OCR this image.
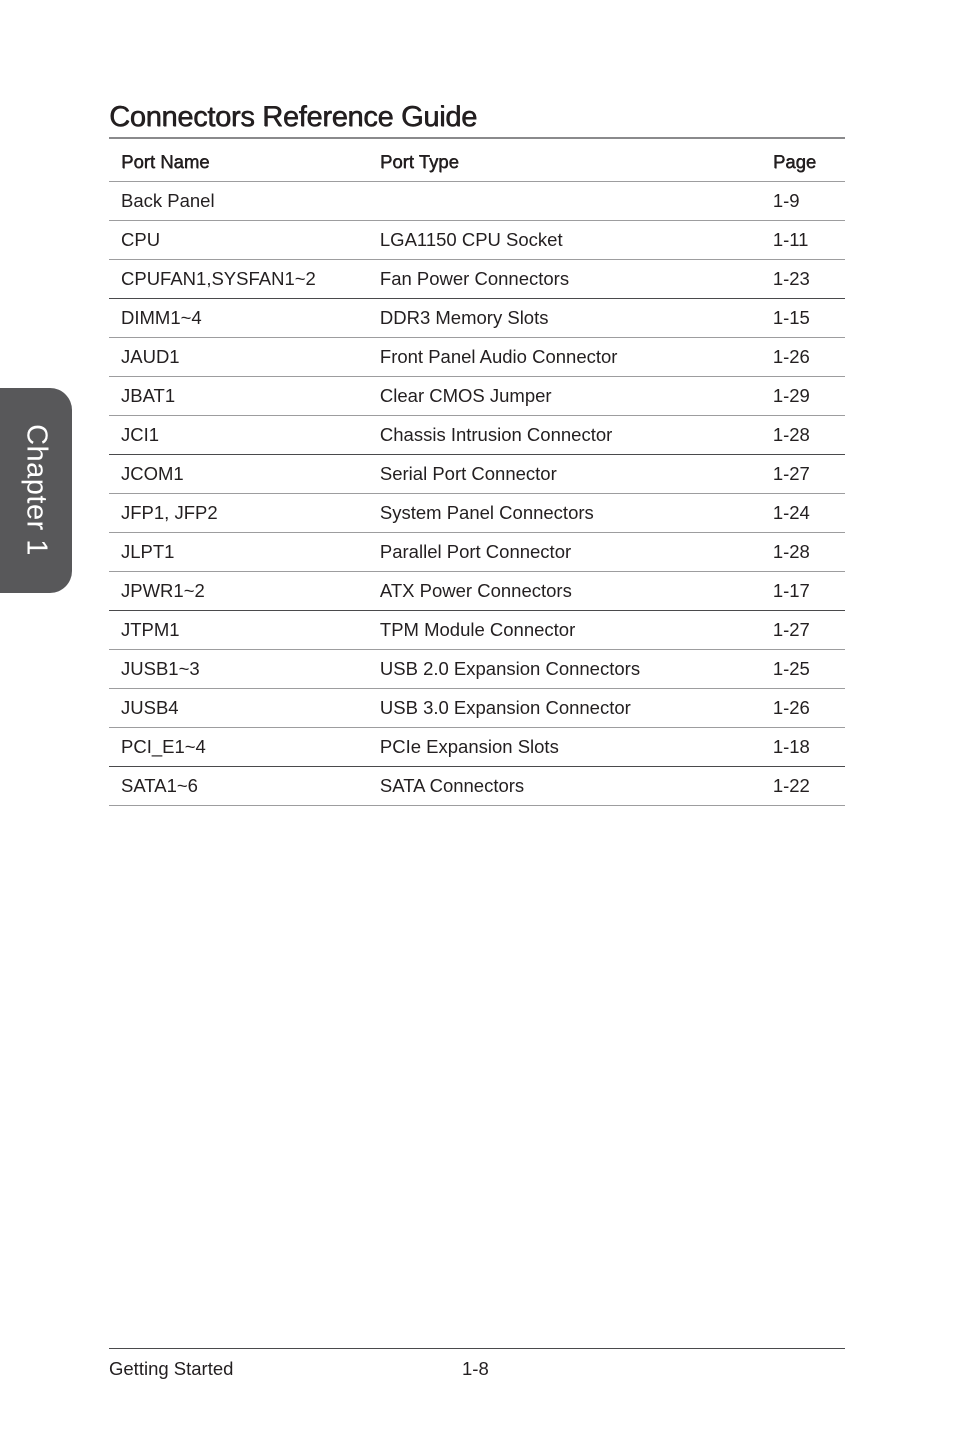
Chapter 1
Connectors Reference Guide
Port Name	Port Type	Page
Back Panel		1-9
CPU	LGA1150 CPU Socket	1-11
CPUFAN1,SYSFAN1~2	Fan Power Connectors	1-23
DIMM1~4	DDR3 Memory Slots	1-15
JAUD1	Front Panel Audio Connector	1-26
JBAT1	Clear CMOS Jumper	1-29
JCI1	Chassis Intrusion Connector	1-28
JCOM1	Serial Port Connector	1-27
JFP1, JFP2	System Panel Connectors	1-24
JLPT1	Parallel Port Connector	1-28
JPWR1~2	ATX Power Connectors	1-17
JTPM1	TPM Module Connector	1-27
JUSB1~3	USB 2.0 Expansion Connectors	1-25
JUSB4	USB 3.0 Expansion Connector	1-26
PCI_E1~4	PCIe Expansion Slots	1-18
SATA1~6	SATA Connectors	1-22
Getting Started	1-8
